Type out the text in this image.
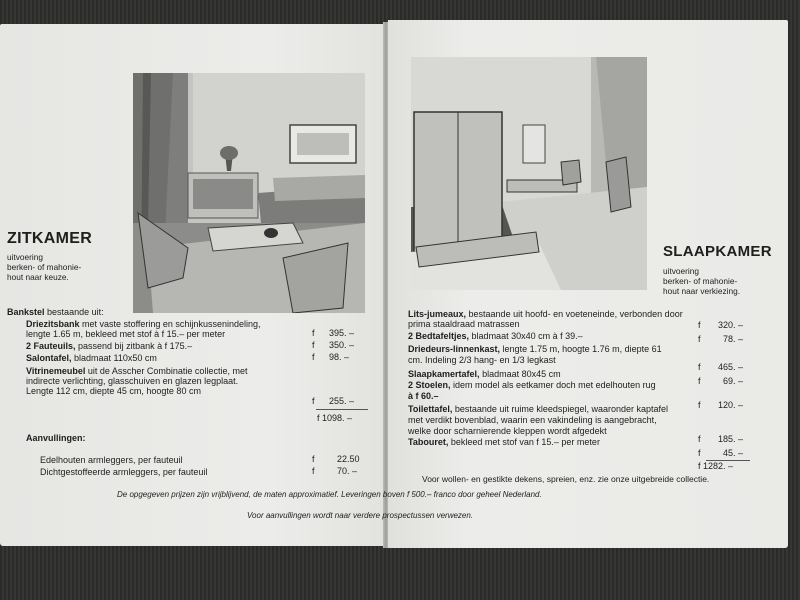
ZITKAMER
uitvoering
berken- of mahonie-
hout naar keuze.
Bankstel bestaande uit:
Driezitsbank met vaste stoffering en schijnkussenindeling,
lengte 1.65 m, bekleed met stof à f 15.– per meter	f 395. –
2 Fauteuils, passend bij zitbank à f 175.–	f 350. –
Salontafel, bladmaat 110x50 cm	f 98. –
Vitrinemeubel uit de Asscher Combinatie collectie, met
indirecte verlichting, glasschuiven en glazen legplaat.
Lengte 112 cm, diepte 45 cm, hoogte 80 cm
f 255. –
f 1098. –
Aanvullingen:
Edelhouten armleggers, per fauteuil	f 22.50
Dichtgestoffeerde armleggers, per fauteuil	f 70. –
SLAAPKAMER
uitvoering
berken- of mahonie-
hout naar verkiezing.
Lits-jumeaux, bestaande uit hoofd- en voeteneinde, verbonden door
prima staaldraad matrassen	f 320. –
2 Bedtafeltjes, bladmaat 30x40 cm à f 39.–	f 78. –
Driedeurs-linnenkast, lengte 1.75 m, hoogte 1.76 m, diepte 61
cm. Indeling 2/3 hang- en 1/3 legkast
f 465. –
Slaapkamertafel, bladmaat 80x45 cm
f 69. –
2 Stoelen, idem model als eetkamer doch met edelhouten rug
à f 60.–
f 120. –
Toilettafel, bestaande uit ruime kleedspiegel, waaronder kaptafel
met verdikt bovenblad, waarin een vakindeling is aangebracht,
welke door scharnierende kleppen wordt afgedekt
f 185. –
Tabouret, bekleed met stof van f 15.– per meter
f 45. –
f 1282. –
Voor wollen- en gestikte dekens, spreien, enz. zie onze uitgebreide collectie.
De opgegeven prijzen zijn vrijblijvend, de maten approximatief. Leveringen boven f 500.– franco door geheel Nederland.
Voor aanvullingen wordt naar verdere prospectussen verwezen.
